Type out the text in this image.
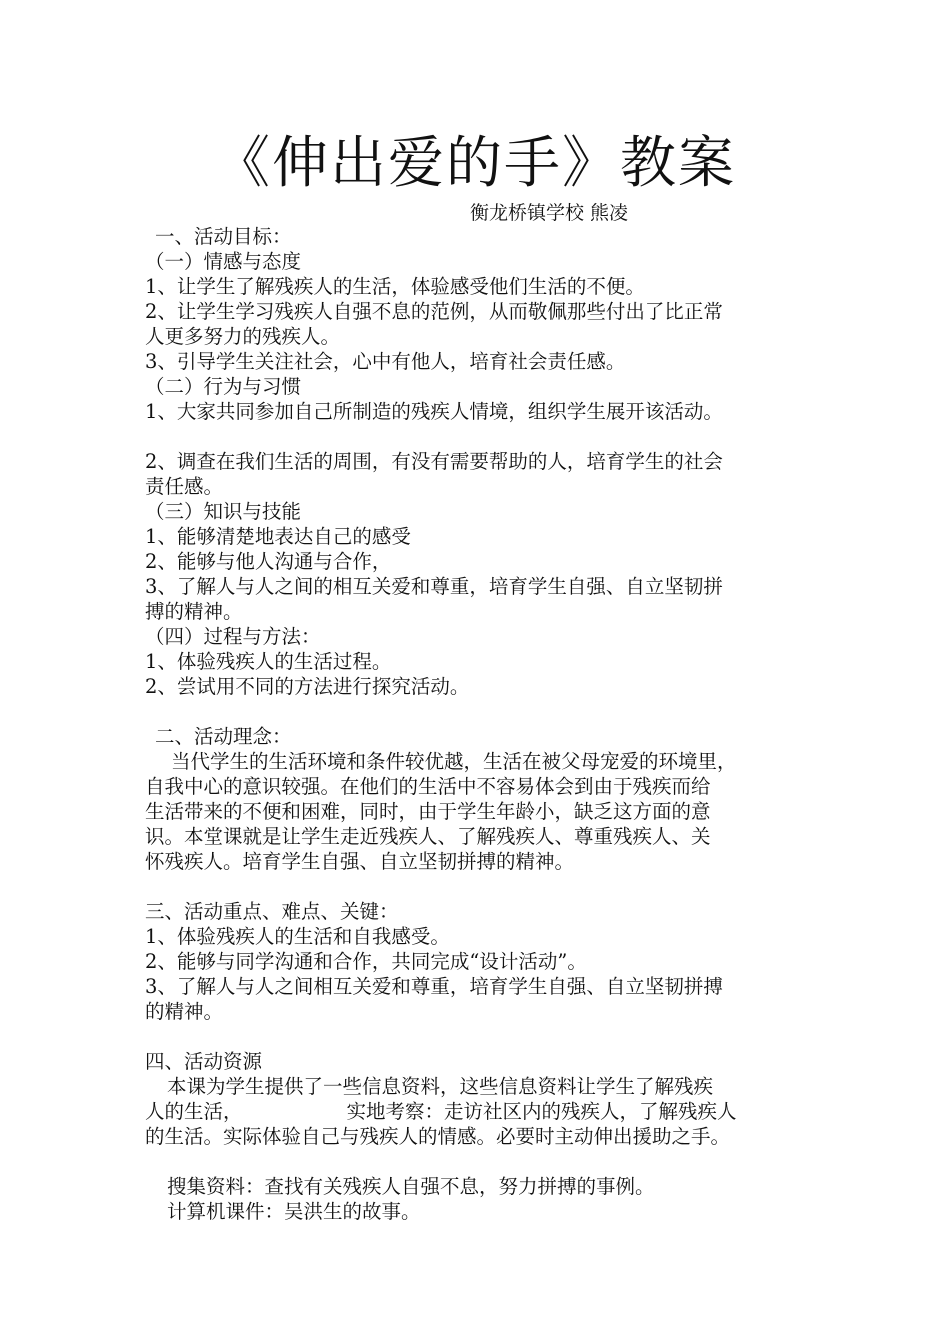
《伸出爱的手》教案
衡龙桥镇学校 熊凌
一、活动目标：
（一）情感与态度
1、让学生了解残疾人的生活，体验感受他们生活的不便。
2、让学生学习残疾人自强不息的范例，从而敬佩那些付出了比正常
人更多努力的残疾人。
3、引导学生关注社会，心中有他人，培育社会责任感。
（二）行为与习惯
1、大家共同参加自己所制造的残疾人情境，组织学生展开该活动。
2、调查在我们生活的周围，有没有需要帮助的人，培育学生的社会
责任感。
（三）知识与技能
1、能够清楚地表达自己的感受
2、能够与他人沟通与合作，
3、了解人与人之间的相互关爱和尊重，培育学生自强、自立坚韧拼
搏的精神。
（四）过程与方法：
1、体验残疾人的生活过程。
2、尝试用不同的方法进行探究活动。
二、活动理念：
当代学生的生活环境和条件较优越，生活在被父母宠爱的环境里，
自我中心的意识较强。在他们的生活中不容易体会到由于残疾而给
生活带来的不便和困难，同时，由于学生年龄小，缺乏这方面的意
识。本堂课就是让学生走近残疾人、了解残疾人、尊重残疾人、关
怀残疾人。培育学生自强、自立坚韧拼搏的精神。
三、活动重点、难点、关键：
1、体验残疾人的生活和自我感受。
2、能够与同学沟通和合作，共同完成“设计活动”。
3、了解人与人之间相互关爱和尊重，培育学生自强、自立坚韧拼搏
的精神。
四、活动资源
本课为学生提供了一些信息资料，这些信息资料让学生了解残疾
人的生活，	实地考察：走访社区内的残疾人，了解残疾人
的生活。实际体验自己与残疾人的情感。必要时主动伸出援助之手。
搜集资料：查找有关残疾人自强不息，努力拼搏的事例。
计算机课件：吴洪生的故事。
